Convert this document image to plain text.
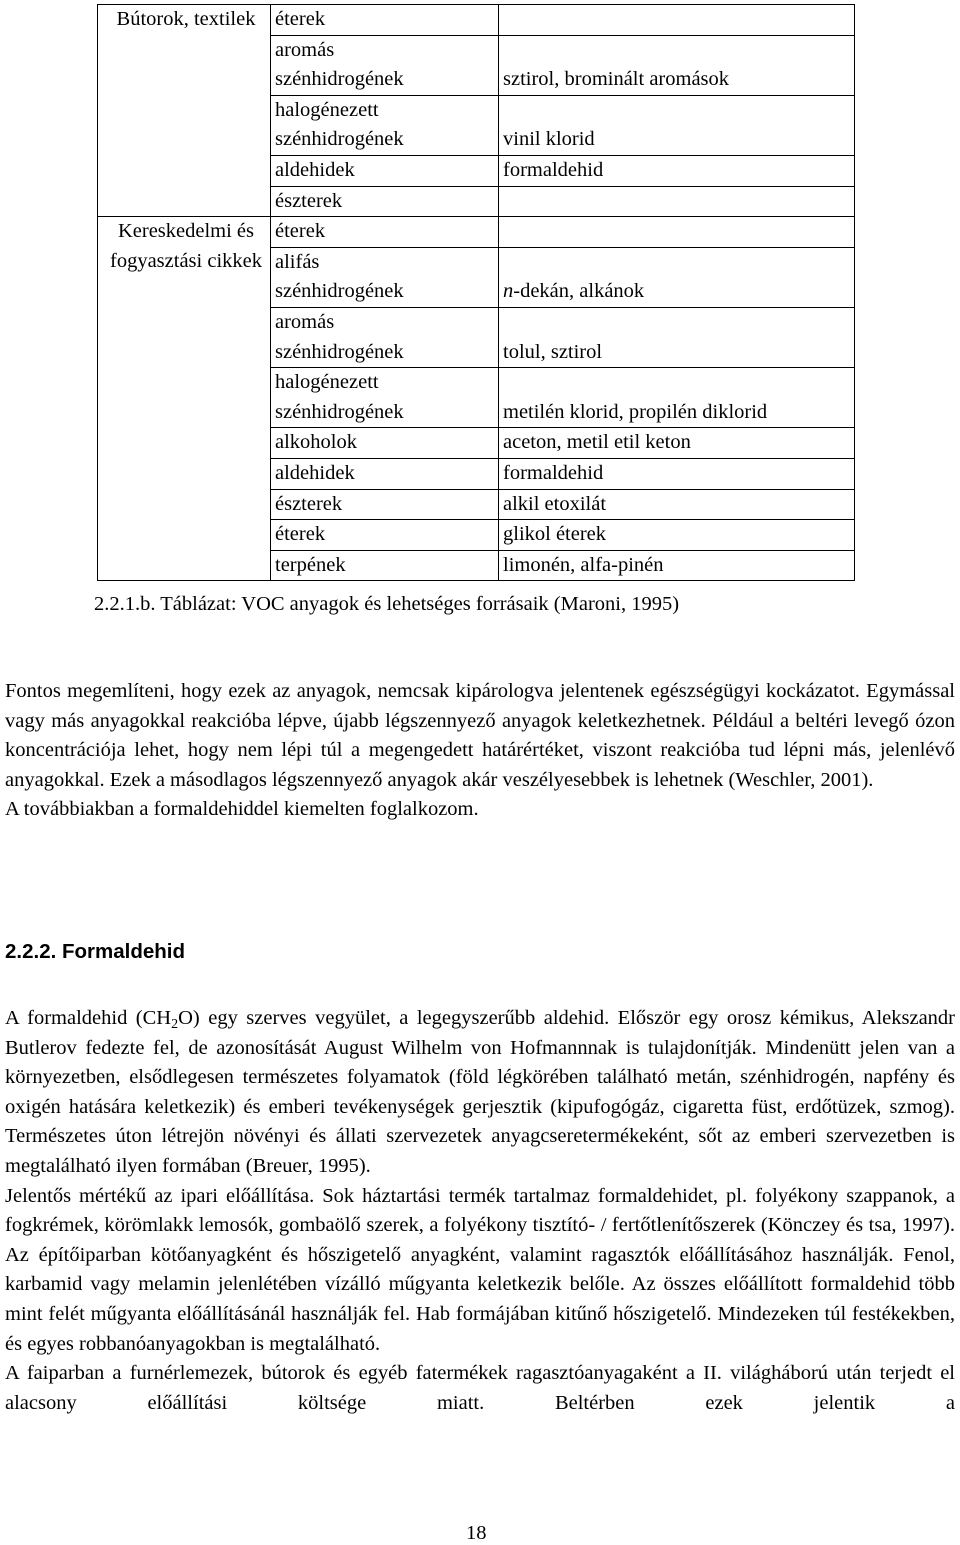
Bútorok, textilek	étere​k	

	aromás
szénhidrogének	sztirol, brominált aromások

	halogénezett
szénhidrogének	vinil klorid

	aldehidek	formaldehid

	észterek	

Kereskedelmi és fogyasztási cikkek	éterek	

	alifás
szénhidrogének	n-dekán, alkánok

	aromás
szénhidrogének	tolul, sztirol

	halogénezett
szénhidrogének	metilén klorid, propilén diklorid

	alkoholok	aceton, metil etil keton

	aldehidek	formaldehid

	észterek	alkil etoxilát

	éterek	glikol éterek

	terpének	limonén, alfa-pinén
2.2.1.b. Táblázat: VOC anyagok és lehetséges forrásaik (Maroni, 1995)

Fontos megemlíteni, hogy ezek az anyagok, nemcsak kipárologva jelentenek egészségügyi kockázatot. Egymással vagy más anyagokkal reakcióba lépve, újabb légszennyező anyagok keletkezhetnek. Például a beltéri levegő ózon koncentrációja lehet, hogy nem lépi túl a megengedett határértéket, viszont reakcióba tud lépni más, jelenlévő anyagokkal. Ezek a másodlagos légszennyező anyagok akár veszélyesebbek is lehetnek (Weschler, 2001).

A továbbiakban a formaldehiddel kiemelten foglalkozom.

2.2.2. Formaldehid

A formaldehid $(CH_2O)$ egy szerves vegyület, a legegyszerűbb aldehid. Először egy orosz kémikus, Alekszandr Butlerov fedezte fel, de azonosítását August Wilhelm von Hofmannnak is tulajdonítják. Mindenütt jelen van a környezetben, elsődlegesen természetes folyamatok (föld légkörében található metán, szénhidrogén, napfény és oxigén hatására keletkezik) és emberi tevékenységek gerjesztik (kipufogógáz, cigaretta füst, erdőtüzek, szmog). Természetes úton létrejön növényi és állati szervezetek anyagcseretermékeként, sőt az emberi szervezetben is megtalálható ilyen formában (Breuer, 1995).

Jelentős mértékű az ipari előállítása. Sok háztartási termék tartalmaz formaldehidet, pl. folyékony szappanok, a fogkrémek, körömlakk lemosók, gombaölő szerek, a folyékony tisztító- / fertőtlenítőszerek (Könczey és tsa, 1997). Az építőiparban kötőanyagként és hőszigetelő anyagként, valamint ragasztók előállításához használják. Fenol, karbamid vagy melamin jelenlétében vízálló műgyanta keletkezik belőle. Az összes előállított formaldehid több mint felét műgyanta előállításánál használják fel. Hab formájában kitűnő hőszigetelő. Mindezeken túl festékekben, és egyes robbanóanyagokban is megtalálható.

A faiparban a furnérlemezek, bútorok és egyéb fatermékek ragasztóanyagaként a II. világháború után terjedt el alacsony előállítási költsége miatt. Beltérben ezek jelentik a

18
